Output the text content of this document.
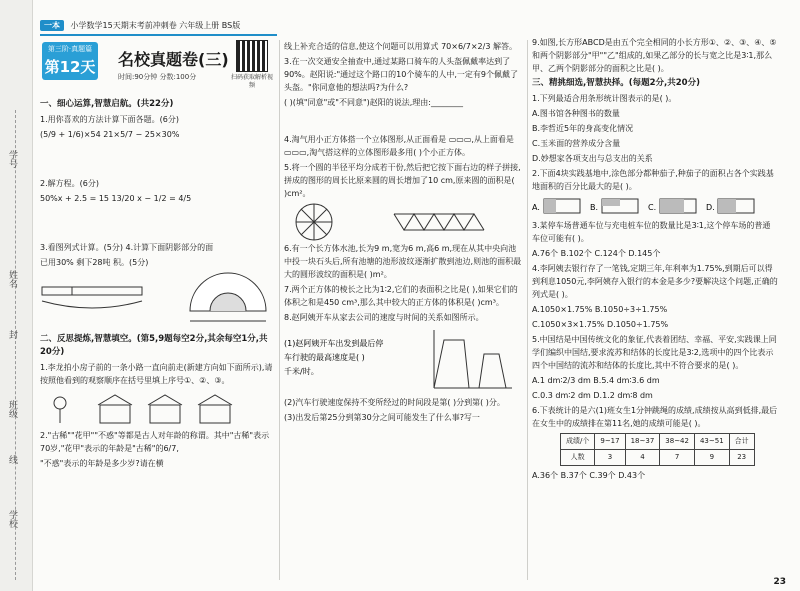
学号
姓名
封
班级
线
学校
一本 小学数学15天期末考前冲刺卷 六年级上册 BS版
第三阶·真题篇
第12天 名校真题卷(三)
时间:90分钟 分数:100分	扫码获取解析视频
一、细心运算,智慧启航。(共22分)
1.用你喜欢的方法计算下面各题。(6分)
(5/9 + 1/6)×54 21×5/7 − 25×30%
2.解方程。(6分)
50%x + 2.5 = 15 13/20 x − 1/2 = 4/5
3.看图列式计算。(5分) 4.计算下面阴影部分的面
已用30% 剩下28吨 积。(5分)
二、反思提炼,智慧填空。(第5,9题每空2分,其余每空1分,共20分)
1.李龙拍小房子前的一条小路一直向前走(新建方向如下面所示),请按照他看到的观察顺序在括号里填上序号①、②、③。
2."古稀""花甲""不惑"等都是古人对年龄的称谓。其中"古稀"表示70岁,"花甲"表示的年龄是"古稀"的6/7,
"不惑"表示的年龄是多少岁?请在横
线上补充合适的信息,使这个问题可以用算式 70×6/7×2/3 解答。
3.在一次交通安全抽查中,通过某路口骑车的人头盔佩戴率达到了90%。赵阳说:"通过这个路口的10个骑车的人中,一定有9个佩戴了头盔。"你同意他的想法吗?为什么?
( )(填"同意"或"不同意")赵阳的说法,理由:________
4.淘气用小正方体搭一个立体图形,从正面看是 ▭▭▭,从上面看是 ▭▭▭,淘气搭这样的立体图形最多用( )个小正方体。
5.将一个圆的半径平均分成若干份,然后把它按下面右边的样子拼接,拼成的图形的周长比原来圆的周长增加了10 cm,原来圆的面积是( )cm²。
6.有一个长方体水池,长为9 m,宽为6 m,高6 m,现在从其中央向池中投一块石头后,所有池塘的池形波纹逐渐扩散到池边,则池的面积最大的圆形波纹的面积是( )m²。
7.两个正方体的棱长之比为1∶2,它们的表面积之比是( ),如果它们的体积之和是450 cm³,那么其中较大的正方体的体积是( )cm³。
8.赵阿姨开车从家去公司的速度与时间的关系如图所示。
(1)赵阿姨开车出发到最后停
车行驶的最高速度是( )
千米/时。
(2)汽车行驶速度保持不变所经过的时间段是第( )分到第( )分。
(3)出发后第25分到第30分之间可能发生了什么事?写一
9.如图,长方形ABCD是由五个完全相同的小长方形①、②、③、④、⑤和两个阴影部分"甲""乙"组成的,如果乙部分的长与宽之比是3∶1,那么甲、乙两个阴影部分的面积之比是( )。
三、精挑细选,智慧抉择。(每题2分,共20分)
1.下列最适合用条形统计图表示的是( )。
A.图书馆各种图书的数量
B.李哲近5年的身高变化情况
C.玉米面的营养成分含量
D.妙想家各项支出与总支出的关系
2.下面4块实践基地中,涂色部分都种茄子,种茄子的面积占各个实践基地面积的百分比最大的是( )。
A.	B.	C.	D.
3.某停车场普通车位与充电桩车位的数量比是3∶1,这个停车场的普通车位可能有( )。
A.76个 B.102个 C.124个 D.145个
4.李阿姨去银行存了一笔钱,定期三年,年利率为1.75%,到期后可以得到利息1050元,李阿姨存入银行的本金是多少?要解决这个问题,正确的列式是( )。
A.1050×1.75% B.1050÷3÷1.75%
C.1050×3×1.75% D.1050÷1.75%
5.中国结是中国传统文化的象征,代表着团结、幸福、平安,实践课上同学们编织中国结,要求流苏和结体的长度比是3∶2,选项中的四个比表示四个中国结的流苏和结体的长度比,其中不符合要求的是( )。
A.1 dm∶2/3 dm B.5.4 dm∶3.6 dm
C.0.3 dm∶2 dm D.1.2 dm∶8 dm
6.下表统计的是六(1)班女生1分钟跳绳的成绩,成绩按从高到低排,最后在女生中的成绩排在第11名,她的成绩可能是( )。
成绩/个	9~17	18~37	38~42	43~51	合计
人数	3	4	7	9	23
A.36个 B.37个 C.39个 D.43个
23
